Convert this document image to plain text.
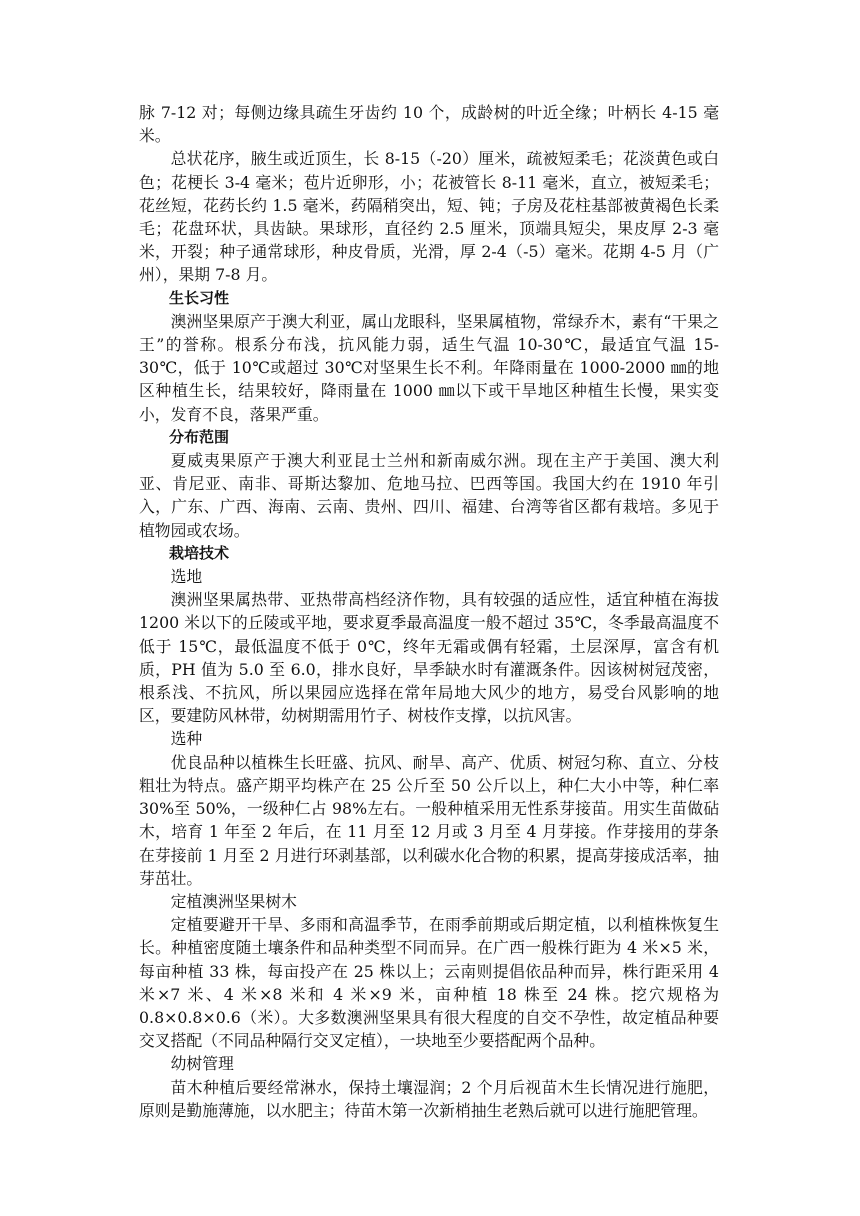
脉 7-12 对；每侧边缘具疏生牙齿约 10 个，成龄树的叶近全缘；叶柄长 4-15 毫米。

总状花序，腋生或近顶生，长 8-15（-20）厘米，疏被短柔毛；花淡黄色或白色；花梗长 3-4 毫米；苞片近卵形，小；花被管长 8-11 毫米，直立，被短柔毛；花丝短，花药长约 1.5 毫米，药隔稍突出，短、钝；子房及花柱基部被黄褐色长柔毛；花盘环状，具齿缺。果球形，直径约 2.5 厘米，顶端具短尖，果皮厚 2-3 毫米，开裂；种子通常球形，种皮骨质，光滑，厚 2-4（-5）毫米。花期 4-5 月（广州），果期 7-8 月。

生长习性

澳洲坚果原产于澳大利亚，属山龙眼科，坚果属植物，常绿乔木，素有“干果之王”的誉称。根系分布浅，抗风能力弱，适生气温 10-30℃，最适宜气温 15-30℃，低于 10℃或超过 30℃对坚果生长不利。年降雨量在 1000-2000 ㎜的地区种植生长，结果较好，降雨量在 1000 ㎜以下或干旱地区种植生长慢，果实变小，发育不良，落果严重。

分布范围

夏威夷果原产于澳大利亚昆士兰州和新南威尔洲。现在主产于美国、澳大利亚、肯尼亚、南非、哥斯达黎加、危地马拉、巴西等国。我国大约在 1910 年引入，广东、广西、海南、云南、贵州、四川、福建、台湾等省区都有栽培。多见于植物园或农场。

栽培技术

选地

澳洲坚果属热带、亚热带高档经济作物，具有较强的适应性，适宜种植在海拔 1200 米以下的丘陵或平地，要求夏季最高温度一般不超过 35℃，冬季最高温度不低于 15℃，最低温度不低于 0℃，终年无霜或偶有轻霜，土层深厚，富含有机质，PH 值为 5.0 至 6.0，排水良好，旱季缺水时有灌溉条件。因该树树冠茂密，根系浅、不抗风，所以果园应选择在常年局地大风少的地方，易受台风影响的地区，要建防风林带，幼树期需用竹子、树枝作支撑，以抗风害。

选种

优良品种以植株生长旺盛、抗风、耐旱、高产、优质、树冠匀称、直立、分枝粗壮为特点。盛产期平均株产在 25 公斤至 50 公斤以上，种仁大小中等，种仁率 30%至 50%，一级种仁占 98%左右。一般种植采用无性系芽接苗。用实生苗做砧木，培育 1 年至 2 年后，在 11 月至 12 月或 3 月至 4 月芽接。作芽接用的芽条在芽接前 1 月至 2 月进行环剥基部，以利碳水化合物的积累，提高芽接成活率，抽芽茁壮。

定植澳洲坚果树木

定植要避开干旱、多雨和高温季节，在雨季前期或后期定植，以利植株恢复生长。种植密度随土壤条件和品种类型不同而异。在广西一般株行距为 4 米×5 米，每亩种植 33 株，每亩投产在 25 株以上；云南则提倡依品种而异，株行距采用 4 米×7 米、4 米×8 米和 4 米×9 米，亩种植 18 株至 24 株。挖穴规格为 0.8×0.8×0.6（米）。大多数澳洲坚果具有很大程度的自交不孕性，故定植品种要交叉搭配（不同品种隔行交叉定植），一块地至少要搭配两个品种。

幼树管理

苗木种植后要经常淋水，保持土壤湿润；2 个月后视苗木生长情况进行施肥，原则是勤施薄施，以水肥主；待苗木第一次新梢抽生老熟后就可以进行施肥管理。
